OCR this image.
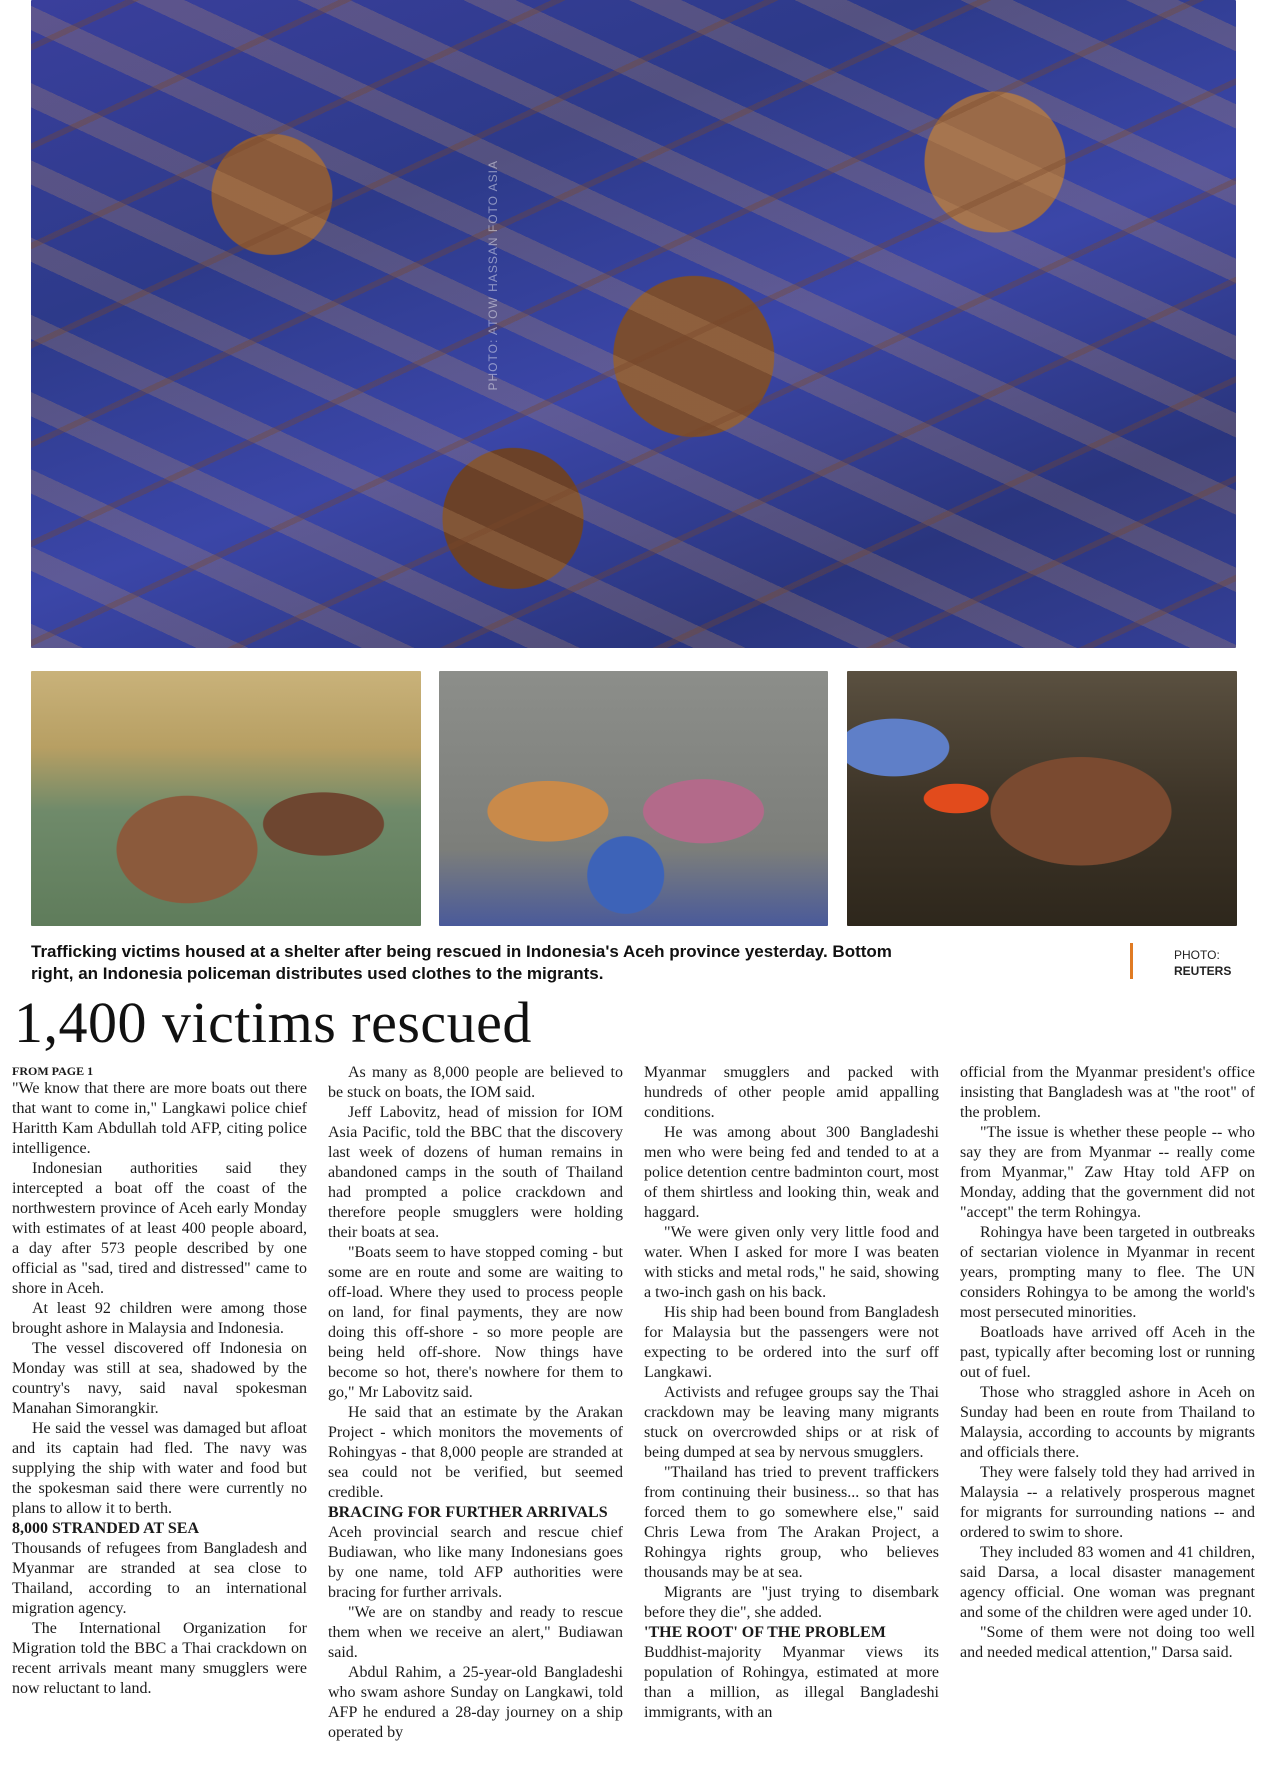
PHOTO: ATOW HASSAN FOTO ASIA
Trafficking victims housed at a shelter after being rescued in Indonesia's Aceh province yesterday. Bottom right, an Indonesia policeman distributes used clothes to the migrants.
PHOTO:
REUTERS
1,400 victims rescued
FROM PAGE 1

"We know that there are more boats out there that want to come in," Langkawi police chief Haritth Kam Abdullah told AFP, citing police intelligence.

Indonesian authorities said they intercepted a boat off the coast of the northwestern province of Aceh early Monday with estimates of at least 400 people aboard, a day after 573 people described by one official as "sad, tired and distressed" came to shore in Aceh.

At least 92 children were among those brought ashore in Malaysia and Indonesia.

The vessel discovered off Indonesia on Monday was still at sea, shadowed by the country's navy, said naval spokesman Manahan Simorangkir.

He said the vessel was damaged but afloat and its captain had fled. The navy was supplying the ship with water and food but the spokesman said there were currently no plans to allow it to berth.

8,000 STRANDED AT SEA

Thousands of refugees from Bangladesh and Myanmar are stranded at sea close to Thailand, according to an international migration agency.

The International Organization for Migration told the BBC a Thai crackdown on recent arrivals meant many smugglers were now reluctant to land.

As many as 8,000 people are believed to be stuck on boats, the IOM said.

Jeff Labovitz, head of mission for IOM Asia Pacific, told the BBC that the discovery last week of dozens of human remains in abandoned camps in the south of Thailand had prompted a police crackdown and therefore people smugglers were holding their boats at sea.

"Boats seem to have stopped coming - but some are en route and some are waiting to off-load. Where they used to process people on land, for final payments, they are now doing this off-shore - so more people are being held off-shore. Now things have become so hot, there's nowhere for them to go," Mr Labovitz said.

He said that an estimate by the Arakan Project - which monitors the movements of Rohingyas - that 8,000 people are stranded at sea could not be verified, but seemed credible.

BRACING FOR FURTHER ARRIVALS

Aceh provincial search and rescue chief Budiawan, who like many Indonesians goes by one name, told AFP authorities were bracing for further arrivals.

"We are on standby and ready to rescue them when we receive an alert," Budiawan said.

Abdul Rahim, a 25-year-old Bangladeshi who swam ashore Sunday on Langkawi, told AFP he endured a 28-day journey on a ship operated by

Myanmar smugglers and packed with hundreds of other people amid appalling conditions.

He was among about 300 Bangladeshi men who were being fed and tended to at a police detention centre badminton court, most of them shirtless and looking thin, weak and haggard.

"We were given only very little food and water. When I asked for more I was beaten with sticks and metal rods," he said, showing a two-inch gash on his back.

His ship had been bound from Bangladesh for Malaysia but the passengers were not expecting to be ordered into the surf off Langkawi.

Activists and refugee groups say the Thai crackdown may be leaving many migrants stuck on overcrowded ships or at risk of being dumped at sea by nervous smugglers.

"Thailand has tried to prevent traffickers from continuing their business... so that has forced them to go somewhere else," said Chris Lewa from The Arakan Project, a Rohingya rights group, who believes thousands may be at sea.

Migrants are "just trying to disembark before they die", she added.

'THE ROOT' OF THE PROBLEM

Buddhist-majority Myanmar views its population of Rohingya, estimated at more than a million, as illegal Bangladeshi immigrants, with an

official from the Myanmar president's office insisting that Bangladesh was at "the root" of the problem.

"The issue is whether these people -- who say they are from Myanmar -- really come from Myanmar," Zaw Htay told AFP on Monday, adding that the government did not "accept" the term Rohingya.

Rohingya have been targeted in outbreaks of sectarian violence in Myanmar in recent years, prompting many to flee. The UN considers Rohingya to be among the world's most persecuted minorities.

Boatloads have arrived off Aceh in the past, typically after becoming lost or running out of fuel.

Those who straggled ashore in Aceh on Sunday had been en route from Thailand to Malaysia, according to accounts by migrants and officials there.

They were falsely told they had arrived in Malaysia -- a relatively prosperous magnet for migrants for surrounding nations -- and ordered to swim to shore.

They included 83 women and 41 children, said Darsa, a local disaster management agency official. One woman was pregnant and some of the children were aged under 10.

"Some of them were not doing too well and needed medical attention," Darsa said.
